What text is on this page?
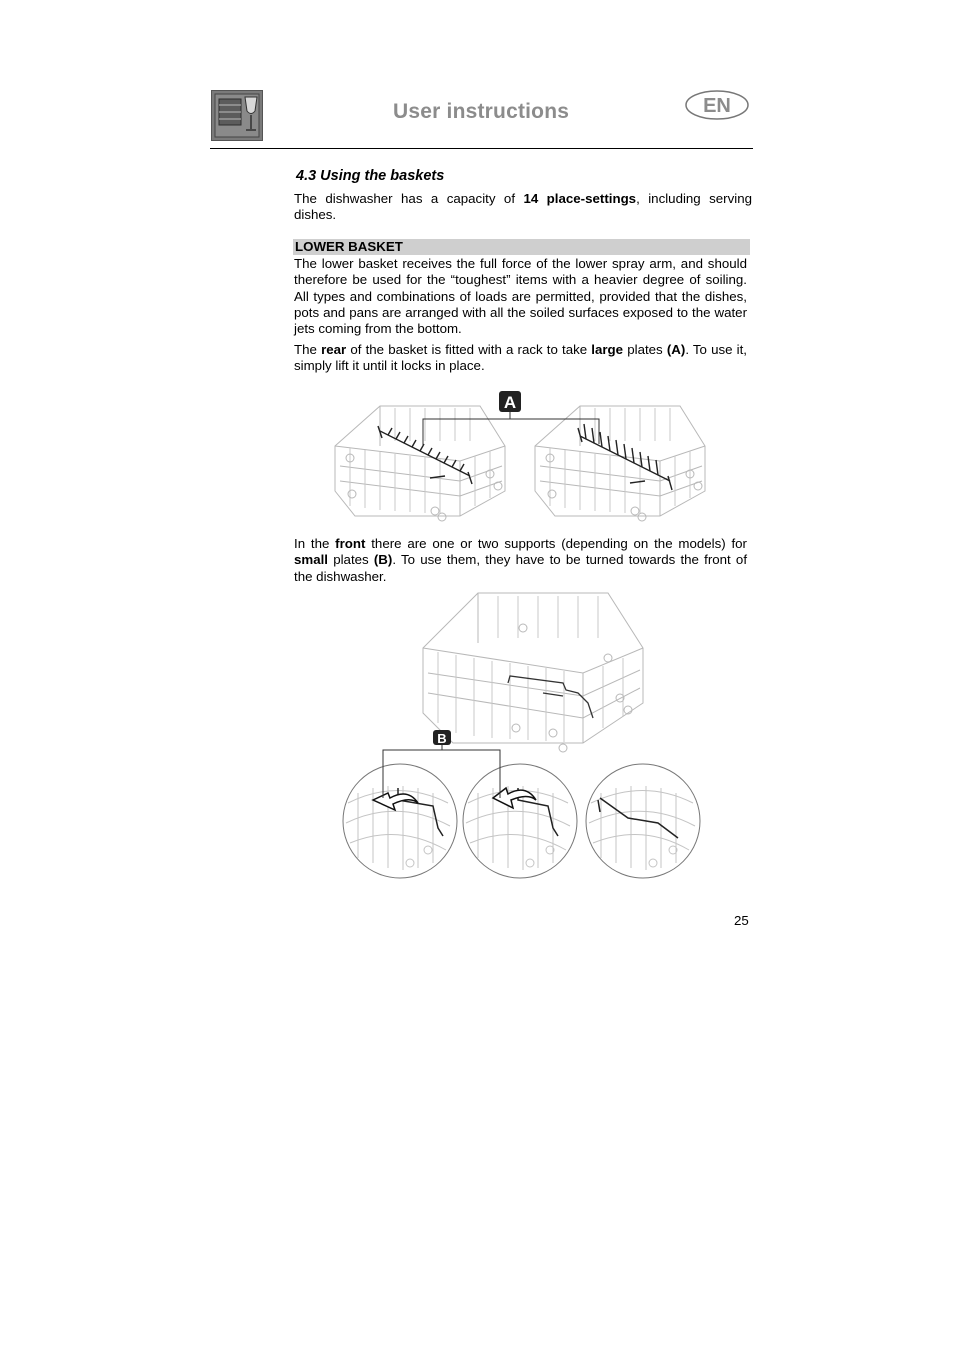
User instructions	EN
4.3 Using the baskets
The dishwasher has a capacity of 14 place-settings, including serving dishes.
LOWER BASKET
The lower basket receives the full force of the lower spray arm, and should therefore be used for the “toughest” items with a heavier degree of soiling. All types and combinations of loads are permitted, provided that the dishes, pots and pans are arranged with all the soiled surfaces exposed to the water jets coming from the bottom.
The rear of the basket is fitted with a rack to take large plates (A). To use it, simply lift it until it locks in place.
A
In the front there are one or two supports (depending on the models) for small plates (B). To use them, they have to be turned towards the front of the dishwasher.
B
25
